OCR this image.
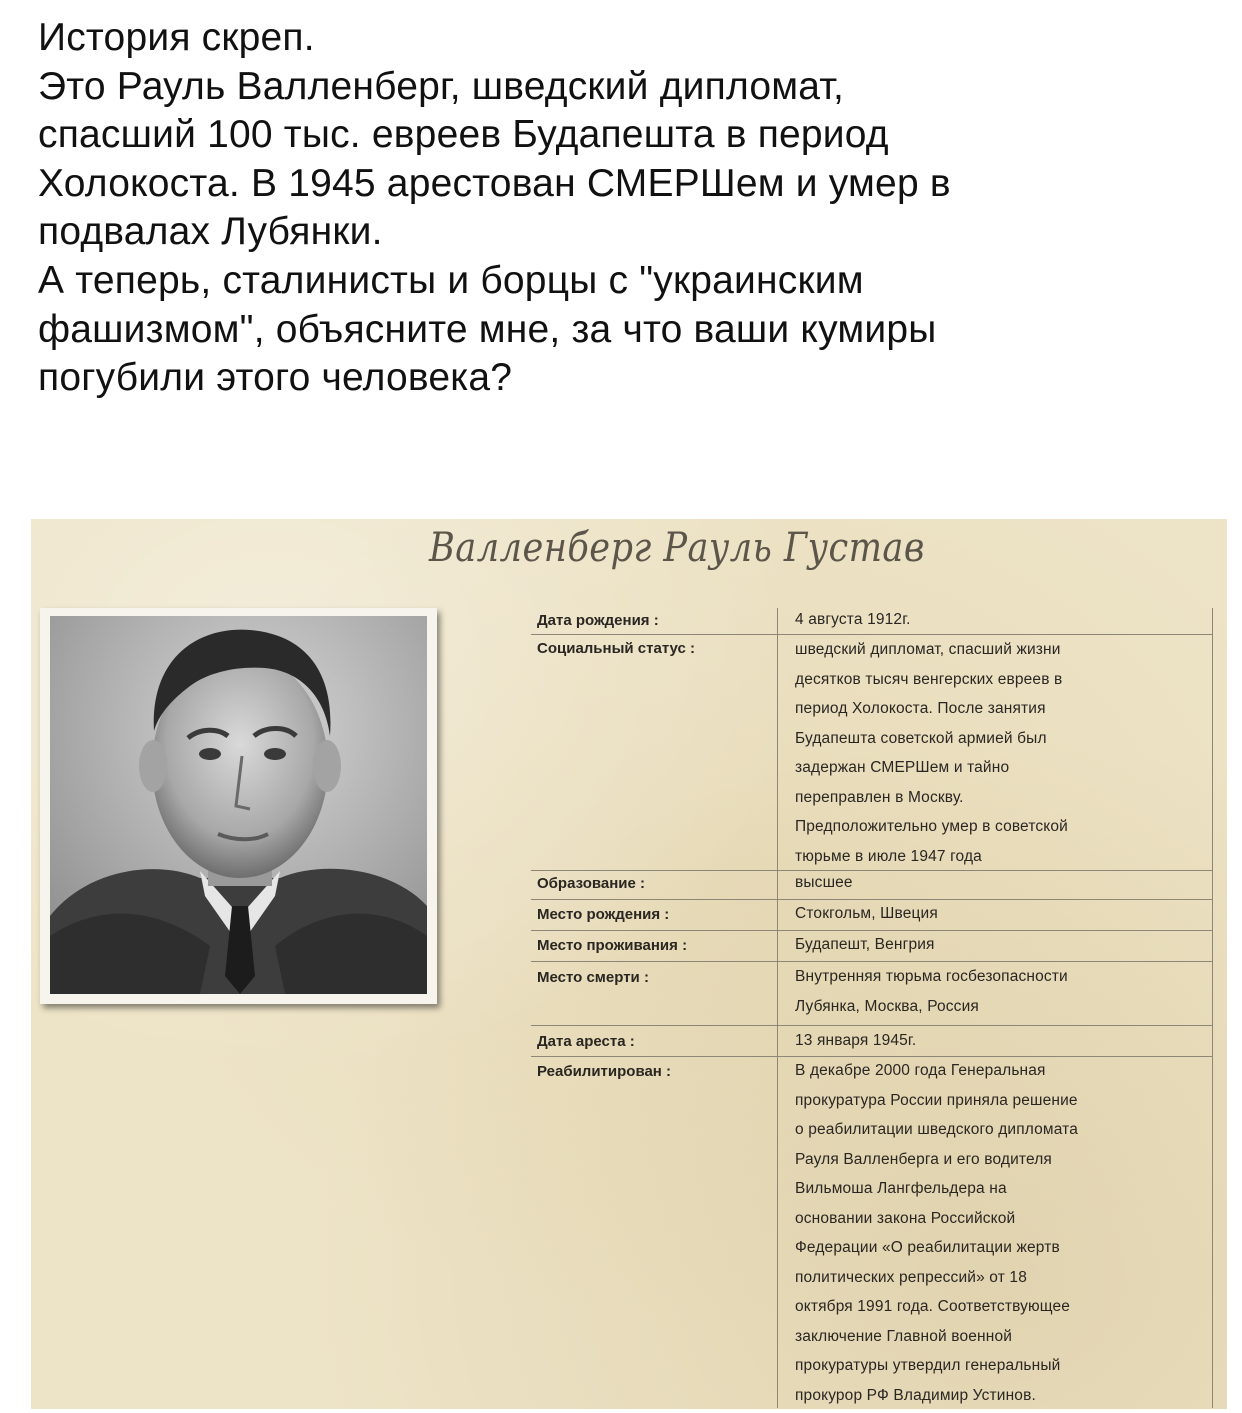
История скреп.

Это Рауль Валленберг, шведский дипломат,

спасший 100 тыс. евреев Будапешта в период

Холокоста. В 1945 арестован СМЕРШем и умер в

подвалах Лубянки.

А теперь, сталинисты и борцы с "украинским

фашизмом", объясните мне, за что ваши кумиры

погубили этого человека?

Валленберг Рауль Густав
Дата рождения :	4 августа 1912г.
Социальный статус :	шведский дипломат, спасший жизни
десятков тысяч венгерских евреев в
период Холокоста. После занятия
Будапешта советской армией был
задержан СМЕРШем и тайно
переправлен в Москву.
Предположительно умер в советской
тюрьме в июле 1947 года
Образование :	высшее
Место рождения :	Стокгольм, Швеция
Место проживания :	Будапешт, Венгрия
Место смерти :	Внутренняя тюрьма госбезопасности
Лубянка, Москва, Россия
Дата ареста :	13 января 1945г.
Реабилитирован :	В декабре 2000 года Генеральная
прокуратура России приняла решение
о реабилитации шведского дипломата
Рауля Валленберга и его водителя
Вильмоша Лангфельдера на
основании закона Российской
Федерации «О реабилитации жертв
политических репрессий» от 18
октября 1991 года. Соответствующее
заключение Главной военной
прокуратуры утвердил генеральный
прокурор РФ Владимир Устинов.
